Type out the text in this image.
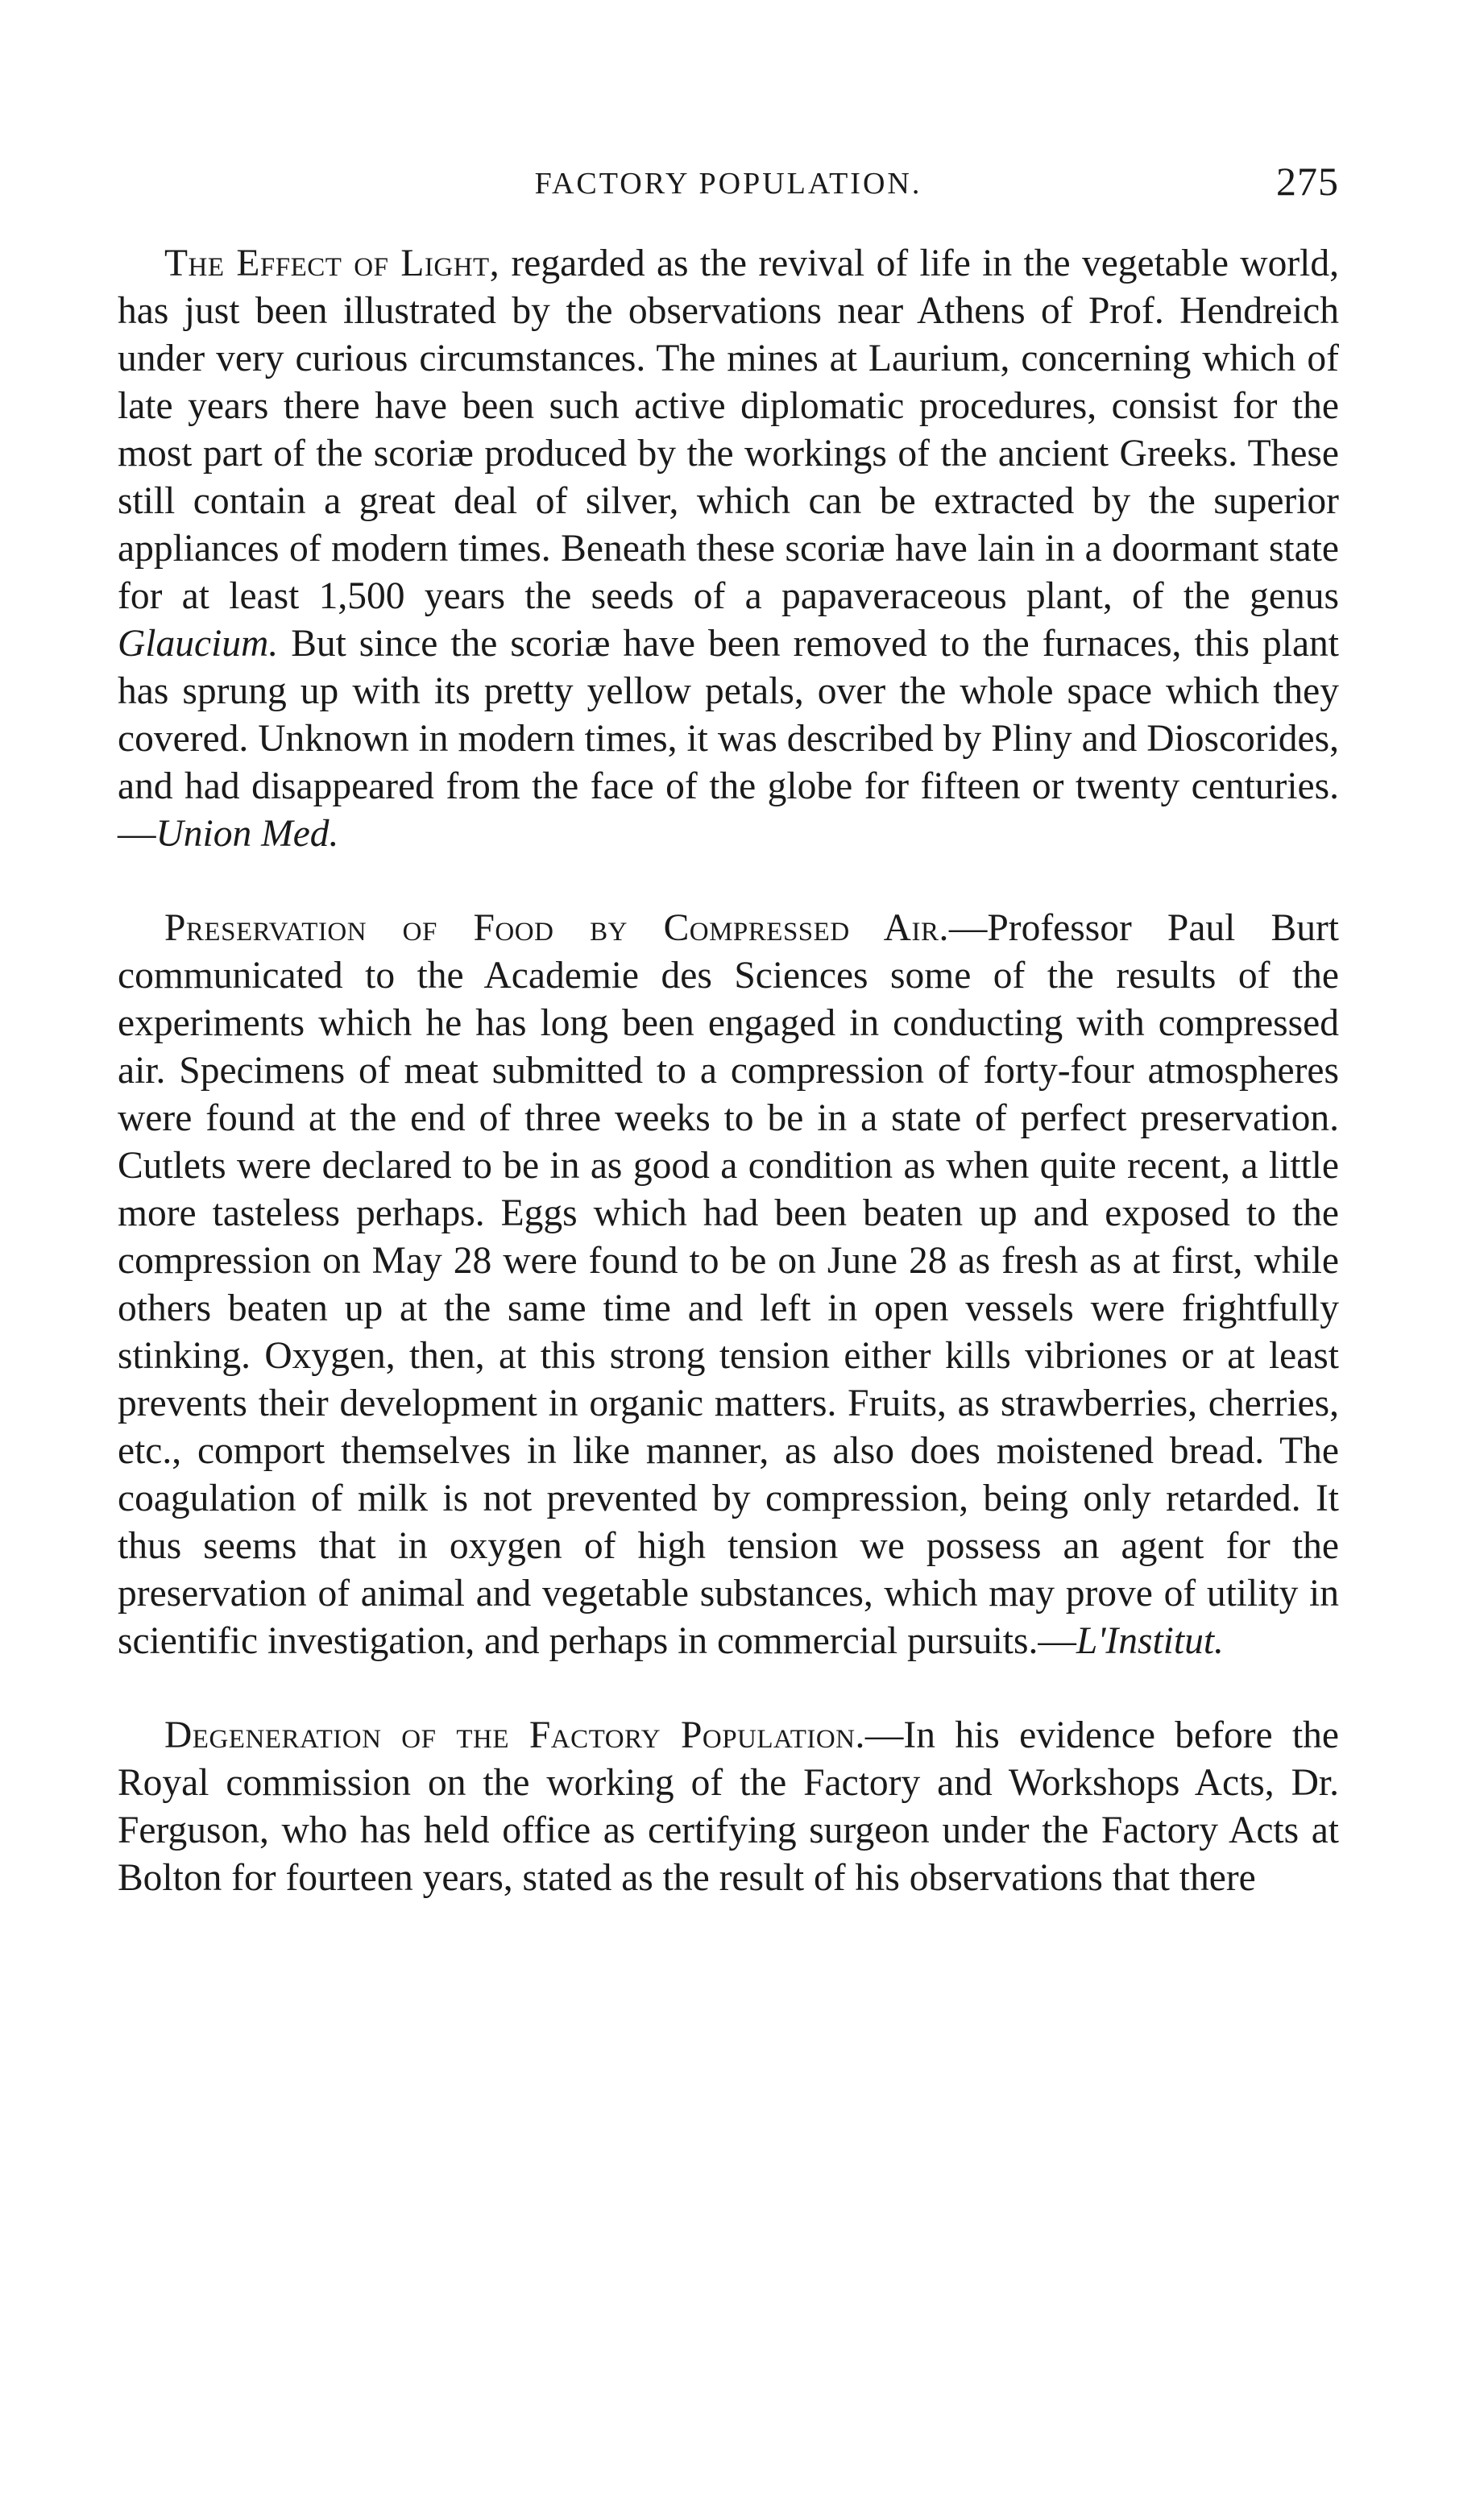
FACTORY POPULATION.	275

The Effect of Light, regarded as the revival of life in the vegetable world, has just been illustrated by the observations near Athens of Prof. Hendreich under very curious circumstances. The mines at Laurium, concerning which of late years there have been such active diplomatic procedures, consist for the most part of the scoriæ produced by the workings of the ancient Greeks. These still contain a great deal of silver, which can be extracted by the superior appliances of modern times. Beneath these scoriæ have lain in a doormant state for at least 1,500 years the seeds of a papaveraceous plant, of the genus Glaucium. But since the scoriæ have been removed to the furnaces, this plant has sprung up with its pretty yellow petals, over the whole space which they covered. Unknown in modern times, it was described by Pliny and Dioscorides, and had disappeared from the face of the globe for fifteen or twenty centuries.—Union Med.

Preservation of Food by Compressed Air.—Professor Paul Burt communicated to the Academie des Sciences some of the results of the experiments which he has long been engaged in conducting with compressed air. Specimens of meat submitted to a compression of forty-four atmospheres were found at the end of three weeks to be in a state of perfect preservation. Cutlets were declared to be in as good a condition as when quite recent, a little more tasteless perhaps. Eggs which had been beaten up and exposed to the compression on May 28 were found to be on June 28 as fresh as at first, while others beaten up at the same time and left in open vessels were frightfully stinking. Oxygen, then, at this strong tension either kills vibriones or at least prevents their development in organic matters. Fruits, as strawberries, cherries, etc., comport themselves in like manner, as also does moistened bread. The coagulation of milk is not prevented by compression, being only retarded. It thus seems that in oxygen of high tension we possess an agent for the preservation of animal and vegetable substances, which may prove of utility in scientific investigation, and perhaps in commercial pursuits.—L'Institut.

Degeneration of the Factory Population.—In his evidence before the Royal commission on the working of the Factory and Workshops Acts, Dr. Ferguson, who has held office as certifying surgeon under the Factory Acts at Bolton for fourteen years, stated as the result of his observations that there
